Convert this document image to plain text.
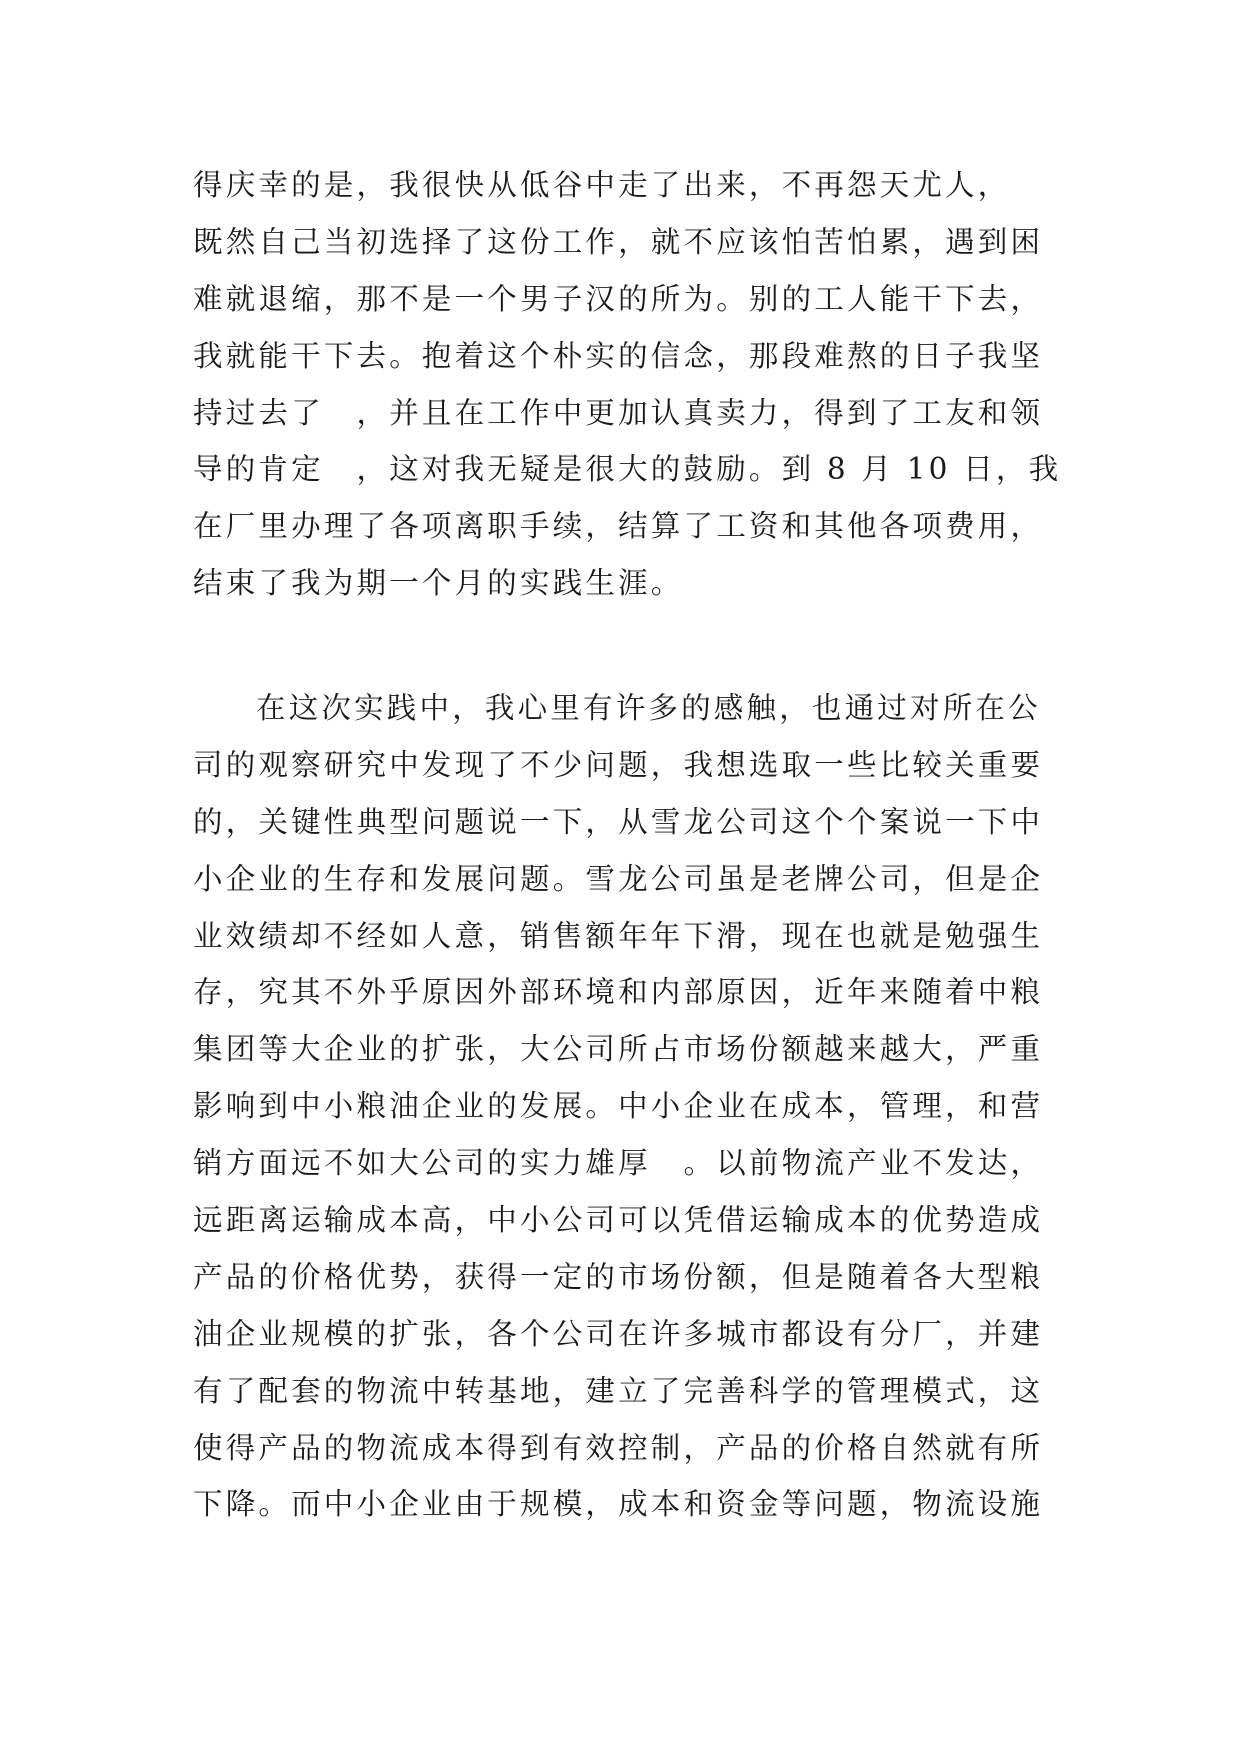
得庆幸的是，我很快从低谷中走了出来，不再怨天尤人，
既然自己当初选择了这份工作，就不应该怕苦怕累，遇到困
难就退缩，那不是一个男子汉的所为。别的工人能干下去，
我就能干下去。抱着这个朴实的信念，那段难熬的日子我坚
持过去了　，并且在工作中更加认真卖力，得到了工友和领
导的肯定　，这对我无疑是很大的鼓励。到 8 月 10 日，我
在厂里办理了各项离职手续，结算了工资和其他各项费用，
结束了我为期一个月的实践生涯。
在这次实践中，我心里有许多的感触，也通过对所在公
司的观察研究中发现了不少问题，我想选取一些比较关重要
的，关键性典型问题说一下，从雪龙公司这个个案说一下中
小企业的生存和发展问题。雪龙公司虽是老牌公司，但是企
业效绩却不经如人意，销售额年年下滑，现在也就是勉强生
存，究其不外乎原因外部环境和内部原因，近年来随着中粮
集团等大企业的扩张，大公司所占市场份额越来越大，严重
影响到中小粮油企业的发展。中小企业在成本，管理，和营
销方面远不如大公司的实力雄厚　。以前物流产业不发达，
远距离运输成本高，中小公司可以凭借运输成本的优势造成
产品的价格优势，获得一定的市场份额，但是随着各大型粮
油企业规模的扩张，各个公司在许多城市都设有分厂，并建
有了配套的物流中转基地，建立了完善科学的管理模式，这
使得产品的物流成本得到有效控制，产品的价格自然就有所
下降。而中小企业由于规模，成本和资金等问题，物流设施
